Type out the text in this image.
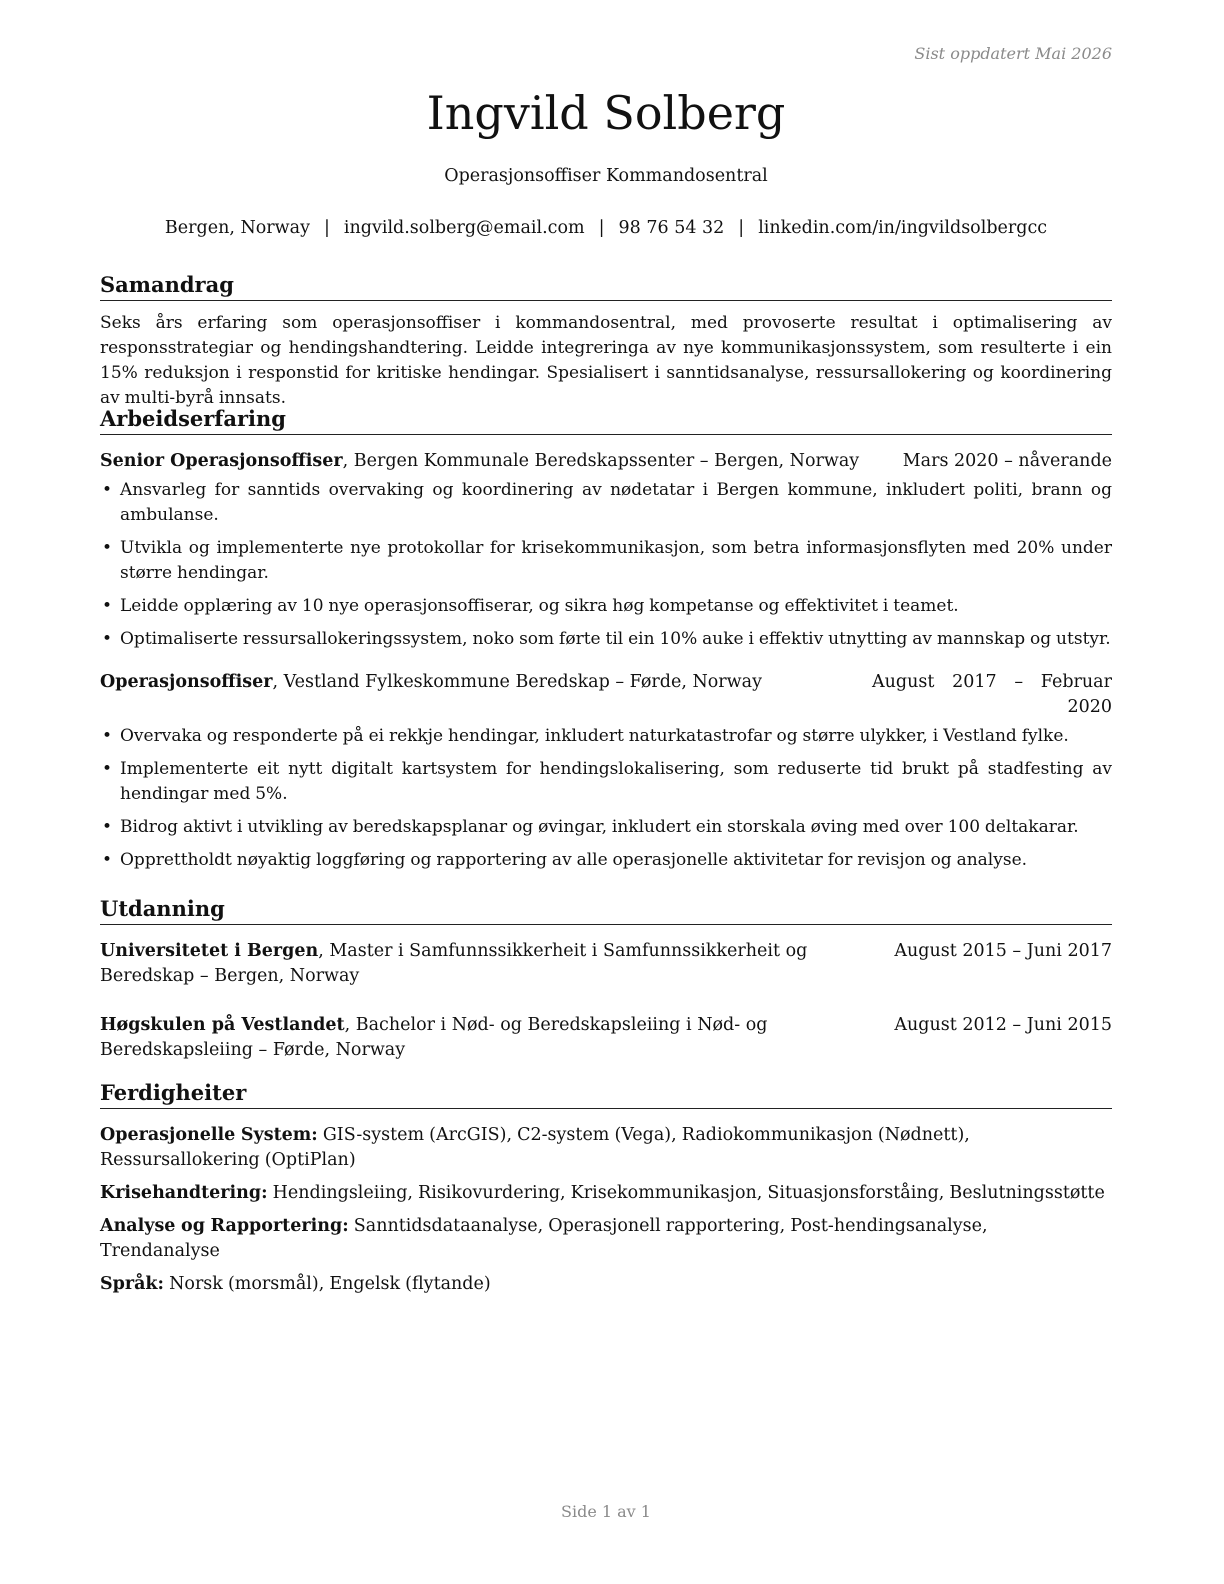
Sist oppdatert Mai 2026
Ingvild Solberg
Operasjonsoffiser Kommandosentral
Bergen, Norway | ingvild.solberg@email.com | 98 76 54 32 | linkedin.com/in/ingvildsolbergcc
Samandrag

Seks års erfaring som operasjonsoffiser i kommandosentral, med provoserte resultat i optimalisering av responsstrategiar og hendingshandtering. Leidde integreringa av nye kommunikasjonssystem, som resulterte i ein 15% reduksjon i responstid for kritiske hendingar. Spesialisert i sanntidsanalyse, ressursallokering og koordinering av multi-byrå innsats.

Arbeidserfaring
Senior Operasjonsoffiser, Bergen Kommunale Beredskapssenter – Bergen, Norway	Mars 2020 – nåverande
• Ansvarleg for sanntids overvaking og koordinering av nødetatar i Bergen kommune, inkludert politi, brann og ambulanse.
• Utvikla og implementerte nye protokollar for krisekommunikasjon, som betra informasjonsflyten med 20% under større hendingar.
• Leidde opplæring av 10 nye operasjonsoffiserar, og sikra høg kompetanse og effektivitet i teamet.
• Optimaliserte ressursallokeringssystem, noko som førte til ein 10% auke i effektiv utnytting av mannskap og utstyr.
Operasjonsoffiser, Vestland Fylkeskommune Beredskap – Førde, Norway	August 2017 – Februar 2020
• Overvaka og responderte på ei rekkje hendingar, inkludert naturkatastrofar og større ulykker, i Vestland fylke.
• Implementerte eit nytt digitalt kartsystem for hendingslokalisering, som reduserte tid brukt på stadfesting av hendingar med 5%.
• Bidrog aktivt i utvikling av beredskapsplanar og øvingar, inkludert ein storskala øving med over 100 deltakarar.
• Opprettholdt nøyaktig loggføring og rapportering av alle operasjonelle aktivitetar for revisjon og analyse.
Utdanning
Universitetet i Bergen, Master i Samfunnssikkerheit i Samfunnssikkerheit og Beredskap – Bergen, Norway
August 2015 – Juni 2017
Høgskulen på Vestlandet, Bachelor i Nød- og Beredskapsleiing i Nød- og Beredskapsleiing – Førde, Norway
August 2012 – Juni 2015
Ferdigheiter
Operasjonelle System: GIS-system (ArcGIS), C2-system (Vega), Radiokommunikasjon (Nødnett), Ressursallokering (OptiPlan)
Krisehandtering: Hendingsleiing, Risikovurdering, Krisekommunikasjon, Situasjonsforståing, Beslutningsstøtte
Analyse og Rapportering: Sanntidsdataanalyse, Operasjonell rapportering, Post-hendingsanalyse, Trendanalyse
Språk: Norsk (morsmål), Engelsk (flytande)
Side 1 av 1
